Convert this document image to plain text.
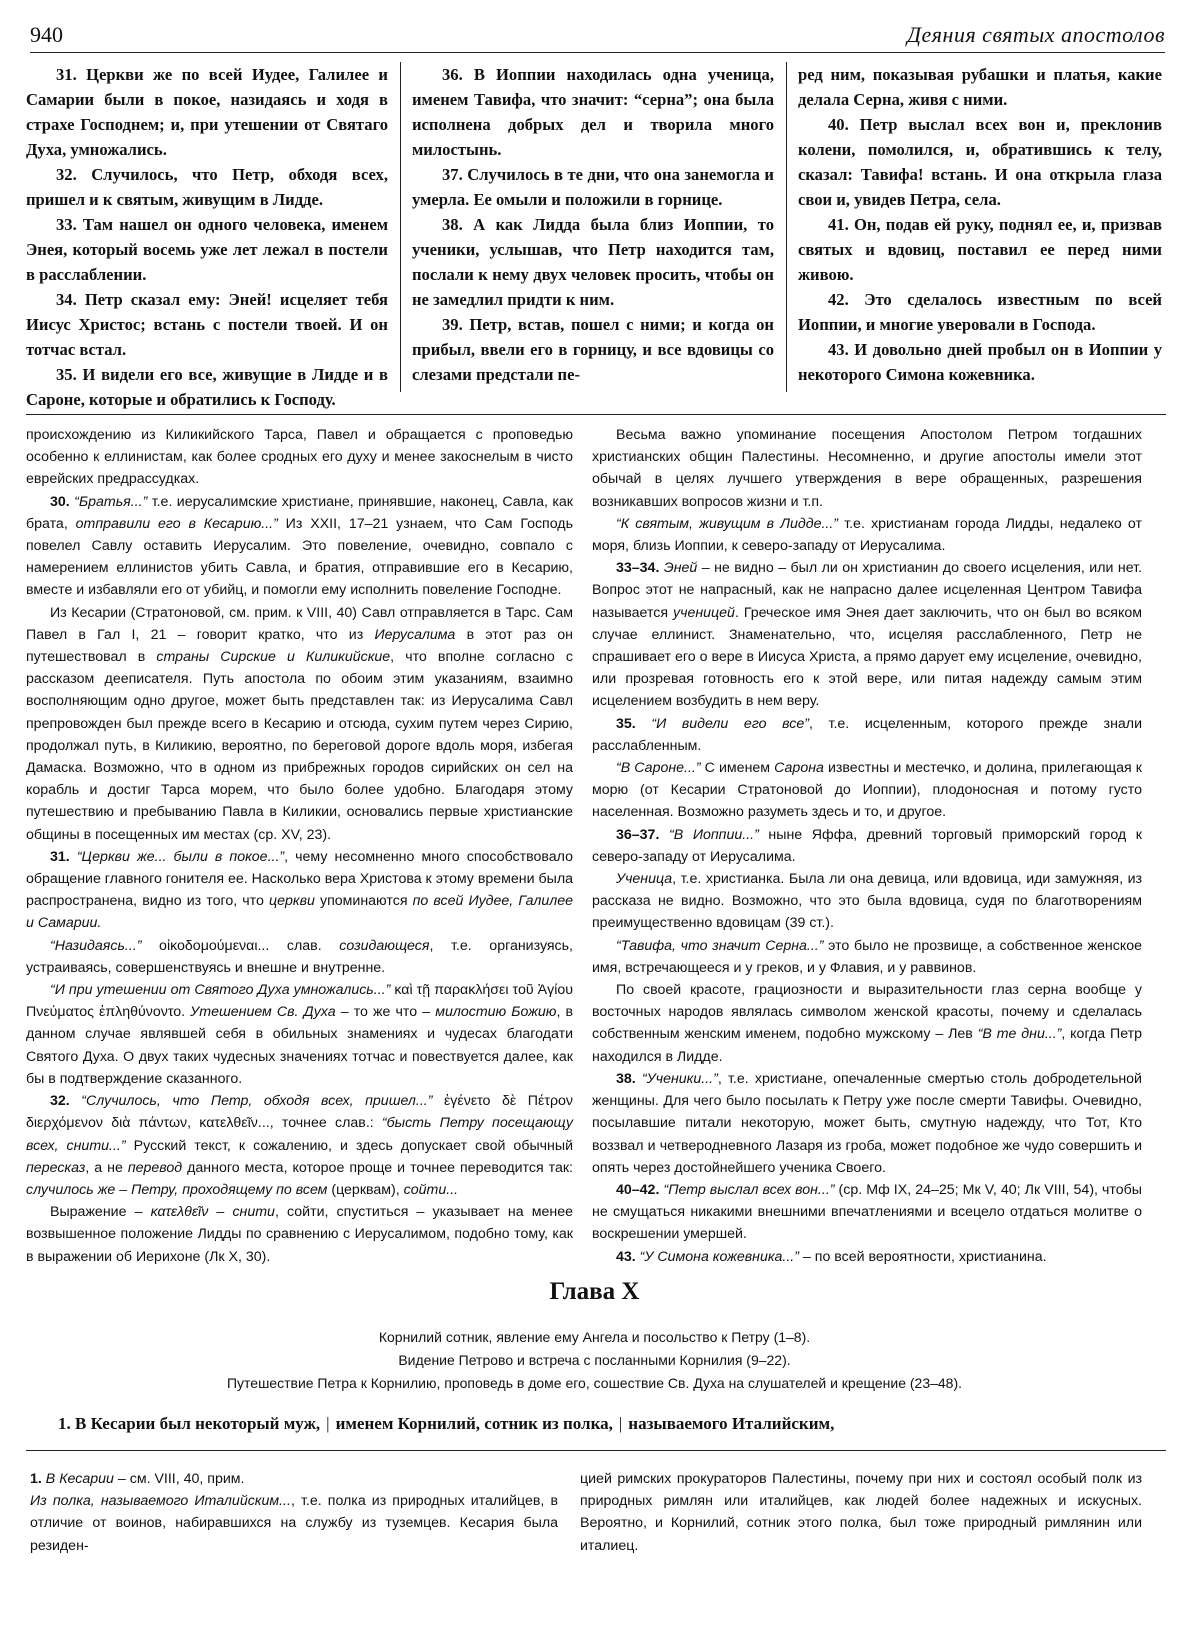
940	Деяния святых апостолов

31. Церкви же по всей Иудее, Галилее и Самарии были в покое, назидаясь и ходя в страхе Господнем; и, при утешении от Святаго Духа, умножались.

32. Случилось, что Петр, обходя всех, пришел и к святым, живущим в Лидде.

33. Там нашел он одного человека, именем Энея, который восемь уже лет лежал в постели в расслаблении.

34. Петр сказал ему: Эней! исцеляет тебя Иисус Христос; встань с постели твоей. И он тотчас встал.

35. И видели его все, живущие в Лидде и в Сароне, которые и обратились к Господу.

36. В Иоппии находилась одна ученица, именем Тавифа, что значит: “серна”; она была исполнена добрых дел и творила много милостынь.

37. Случилось в те дни, что она занемогла и умерла. Ее омыли и положили в горнице.

38. А как Лидда была близ Иоппии, то ученики, услышав, что Петр находится там, послали к нему двух человек просить, чтобы он не замедлил придти к ним.

39. Петр, встав, пошел с ними; и когда он прибыл, ввели его в горницу, и все вдовицы со слезами предстали пе-

ред ним, показывая рубашки и платья, какие делала Серна, живя с ними.

40. Петр выслал всех вон и, преклонив колени, помолился, и, обратившись к телу, сказал: Тавифа! встань. И она открыла глаза свои и, увидев Петра, села.

41. Он, подав ей руку, поднял ее, и, призвав святых и вдовиц, поставил ее перед ними живою.

42. Это сделалось известным по всей Иоппии, и многие уверовали в Господа.

43. И довольно дней пробыл он в Иоппии у некоторого Симона кожевника.

происхождению из Киликийского Тарса, Павел и обращается с проповедью особенно к еллинистам, как более сродных его духу и менее закоснелым в чисто еврейских предрассудках.

30. “Братья...” т.е. иерусалимские христиане, принявшие, наконец, Савла, как брата, отправили его в Кесарию...” Из XXII, 17–21 узнаем, что Сам Господь повелел Савлу оставить Иерусалим. Это повеление, очевидно, совпало с намерением еллинистов убить Савла, и братия, отправившие его в Кесарию, вместе и избавляли его от убийц, и помогли ему исполнить повеление Господне.

Из Кесарии (Стратоновой, см. прим. к VIII, 40) Савл отправляется в Тарс. Сам Павел в Гал I, 21 – говорит кратко, что из Иерусалима в этот раз он путешествовал в страны Сирские и Киликийские, что вполне согласно с рассказом дееписателя. Путь апостола по обоим этим указаниям, взаимно восполняющим одно другое, может быть представлен так: из Иерусалима Савл препровожден был прежде всего в Кесарию и отсюда, сухим путем через Сирию, продолжал путь, в Киликию, вероятно, по береговой дороге вдоль моря, избегая Дамаска. Возможно, что в одном из прибрежных городов сирийских он сел на корабль и достиг Тарса морем, что было более удобно. Благодаря этому путешествию и пребыванию Павла в Киликии, основались первые христианские общины в посещенных им местах (ср. XV, 23).

31. “Церкви же... были в покое...”, чему несомненно много способствовало обращение главного гонителя ее. Насколько вера Христова к этому времени была распространена, видно из того, что церкви упоминаются по всей Иудее, Галилее и Самарии.

“Назидаясь...” οἰκοδομούμεναι... слав. созидающеся, т.е. организуясь, устраиваясь, совершенствуясь и внешне и внутренне.

“И при утешении от Святого Духа умножались...” καὶ τῇ παρακλήσει τοῦ Ἁγίου Πνεύματος ἐπληθύνοντο. Утешением Св. Духа – то же что – милостию Божию, в данном случае являвшей себя в обильных знамениях и чудесах благодати Святого Духа. О двух таких чудесных значениях тотчас и повествуется далее, как бы в подтверждение сказанного.

32. “Случилось, что Петр, обходя всех, пришел...” ἐγένετο δὲ Πέτρον διερχόμενον διὰ πάντων, κατελθεῖν..., точнее слав.: “бысть Петру посещающу всех, снити...” Русский текст, к сожалению, и здесь допускает свой обычный пересказ, а не перевод данного места, которое проще и точнее переводится так: случилось же – Петру, проходящему по всем (церквам), сойти...

Выражение – κατελθεῖν – снити, сойти, спуститься – указывает на менее возвышенное положение Лидды по сравнению с Иерусалимом, подобно тому, как в выражении об Иерихоне (Лк X, 30).

Весьма важно упоминание посещения Апостолом Петром тогдашних христианских общин Палестины. Несомненно, и другие апостолы имели этот обычай в целях лучшего утверждения в вере обращенных, разрешения возникавших вопросов жизни и т.п.

“К святым, живущим в Лидде...” т.е. христианам города Лидды, недалеко от моря, близь Иоппии, к северо-западу от Иерусалима.

33–34. Эней – не видно – был ли он христианин до своего исцеления, или нет. Вопрос этот не напрасный, как не напрасно далее исцеленная Центром Тавифа называется ученицей. Греческое имя Энея дает заключить, что он был во всяком случае еллинист. Знаменательно, что, исцеляя расслабленного, Петр не спрашивает его о вере в Иисуса Христа, а прямо дарует ему исцеление, очевидно, или прозревая готовность его к этой вере, или питая надежду самым этим исцелением возбудить в нем веру.

35. “И видели его все”, т.е. исцеленным, которого прежде знали расслабленным.

“В Сароне...” С именем Сарона известны и местечко, и долина, прилегающая к морю (от Кесарии Стратоновой до Иоппии), плодоносная и потому густо населенная. Возможно разуметь здесь и то, и другое.

36–37. “В Иоппии...” ныне Яффа, древний торговый приморский город к северо-западу от Иерусалима.

Ученица, т.е. христианка. Была ли она девица, или вдовица, иди замужняя, из рассказа не видно. Возможно, что это была вдовица, судя по благотворениям преимущественно вдовицам (39 ст.).

“Тавифа, что значит Серна...” это было не прозвище, а собственное женское имя, встречающееся и у греков, и у Флавия, и у раввинов.

По своей красоте, грациозности и выразительности глаз серна вообще у восточных народов являлась символом женской красоты, почему и сделалась собственным женским именем, подобно мужскому – Лев “В те дни...”, когда Петр находился в Лидде.

38. “Ученики...”, т.е. христиане, опечаленные смертью столь добродетельной женщины. Для чего было посылать к Петру уже после смерти Тавифы. Очевидно, посылавшие питали некоторую, может быть, смутную надежду, что Тот, Кто воззвал и четверодневного Лазаря из гроба, может подобное же чудо совершить и опять через достойнейшего ученика Своего.

40–42. “Петр выслал всех вон...” (ср. Мф IX, 24–25; Мк V, 40; Лк VIII, 54), чтобы не смущаться никакими внешними впечатлениями и всецело отдаться молитве о воскрешении умершей.

43. “У Симона кожевника...” – по всей вероятности, христианина.

Глава X
Корнилий сотник, явление ему Ангела и посольство к Петру (1–8).
Видение Петрово и встреча с посланными Корнилия (9–22).
Путешествие Петра к Корнилию, проповедь в доме его, сошествие Св. Духа на слушателей и крещение (23–48).
1. В Кесарии был некоторый муж, | именем Корнилий, сотник из полка, | называемого Италийским,

1. В Кесарии – см. VIII, 40, прим.

Из полка, называемого Италийским..., т.е. полка из природных италийцев, в отличие от воинов, набиравшихся на службу из туземцев. Кесария была резиден-

цией римских прокураторов Палестины, почему при них и состоял особый полк из природных римлян или италийцев, как людей более надежных и искусных. Вероятно, и Корнилий, сотник этого полка, был тоже природный римлянин или италиец.
